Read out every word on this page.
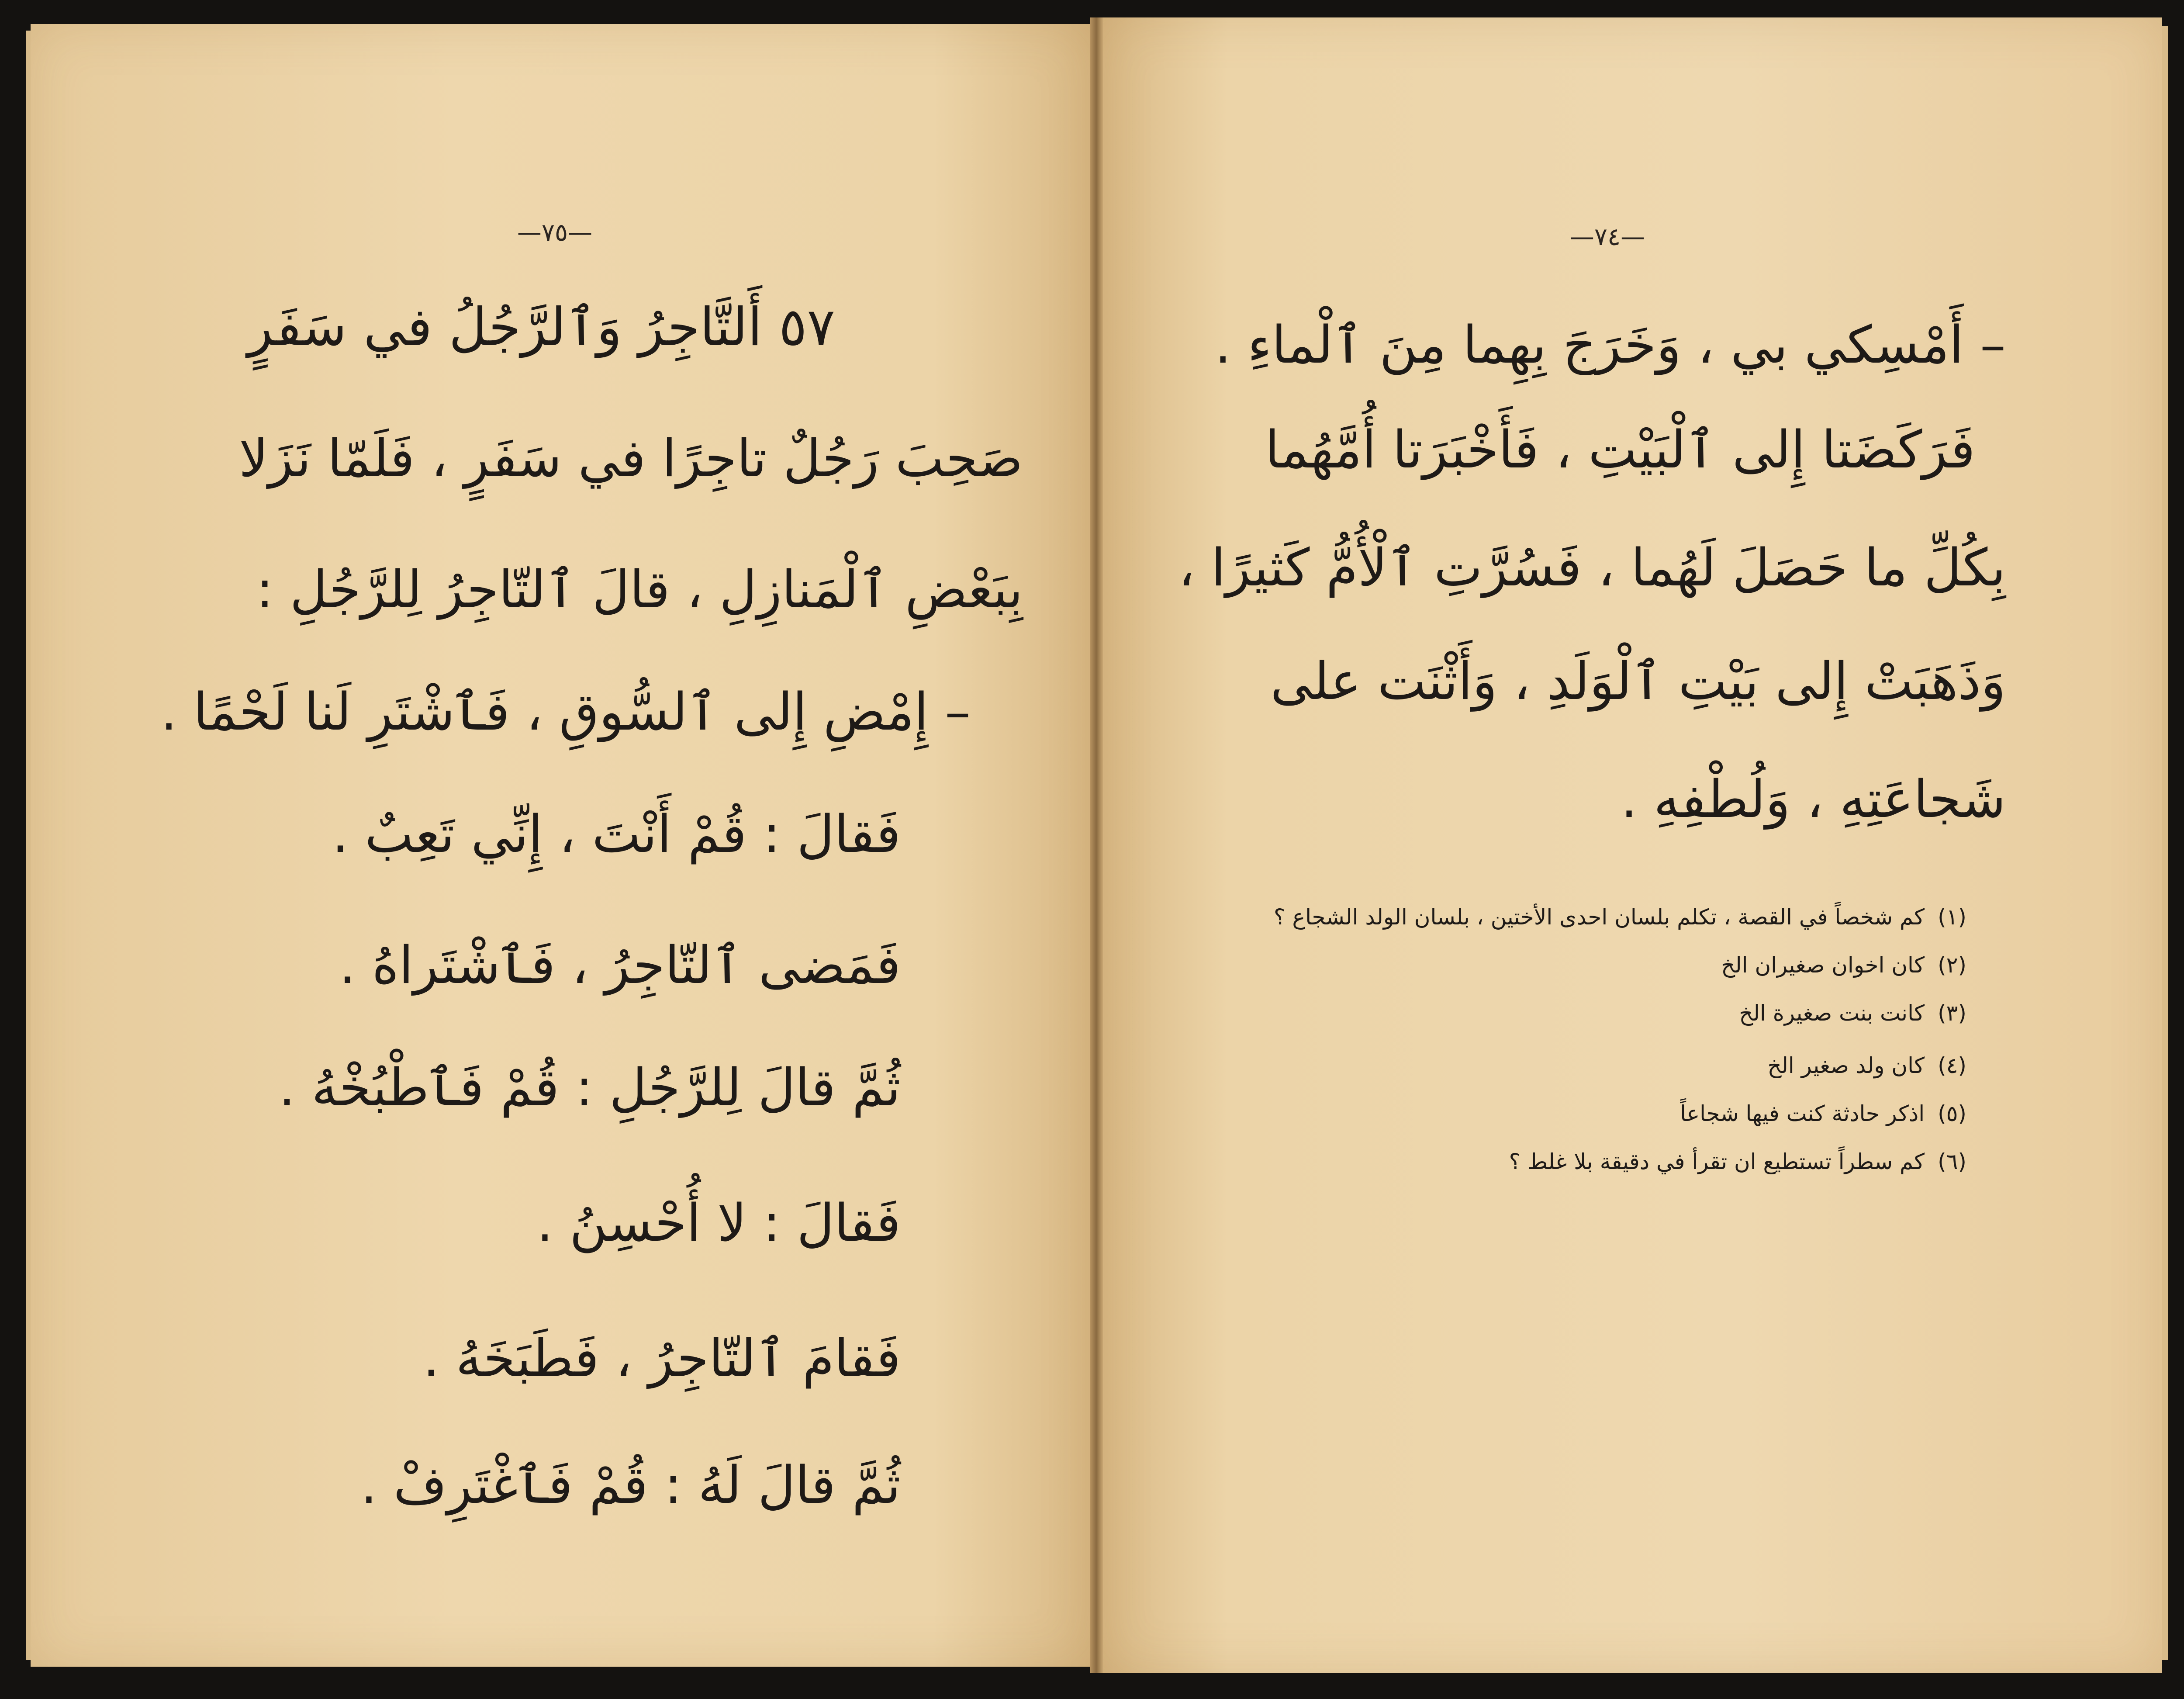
—٧٥—
٥٧ أَلتَّاجِرُ وَٱلرَّجُلُ في سَفَرٍ
صَحِبَ رَجُلٌ تاجِرًا في سَفَرٍ ، فَلَمّا نَزَلا
بِبَعْضِ ٱلْمَنازِلِ ، قالَ ٱلتّاجِرُ لِلرَّجُلِ :
– إِمْضِ إِلى ٱلسُّوقِ ، فَٱشْتَرِ لَنا لَحْمًا .
فَقالَ : قُمْ أَنْتَ ، إِنِّي تَعِبٌ .
فَمَضى ٱلتّاجِرُ ، فَٱشْتَراهُ .
ثُمَّ قالَ لِلرَّجُلِ : قُمْ فَٱطْبُخْهُ .
فَقالَ : لا أُحْسِنُ .
فَقامَ ٱلتّاجِرُ ، فَطَبَخَهُ .
ثُمَّ قالَ لَهُ : قُمْ فَٱغْتَرِفْ .
—٧٤—
– أَمْسِكي بي ، وَخَرَجَ بِهِما مِنَ ٱلْماءِ .
فَرَكَضَتا إِلى ٱلْبَيْتِ ، فَأَخْبَرَتا أُمَّهُما
بِكُلِّ ما حَصَلَ لَهُما ، فَسُرَّتِ ٱلْأُمُّ كَثيرًا ،
وَذَهَبَتْ إِلى بَيْتِ ٱلْوَلَدِ ، وَأَثْنَت على
شَجاعَتِهِ ، وَلُطْفِهِ .
(١)كم شخصاً في القصة ، تكلم بلسان احدى الأختين ، بلسان الولد الشجاع ؟
(٢)كان اخوان صغيران الخ
(٣)كانت بنت صغيرة الخ
(٤)كان ولد صغير الخ
(٥)اذكر حادثة كنت فيها شجاعاً
(٦)كم سطراً تستطيع ان تقرأ في دقيقة بلا غلط ؟
